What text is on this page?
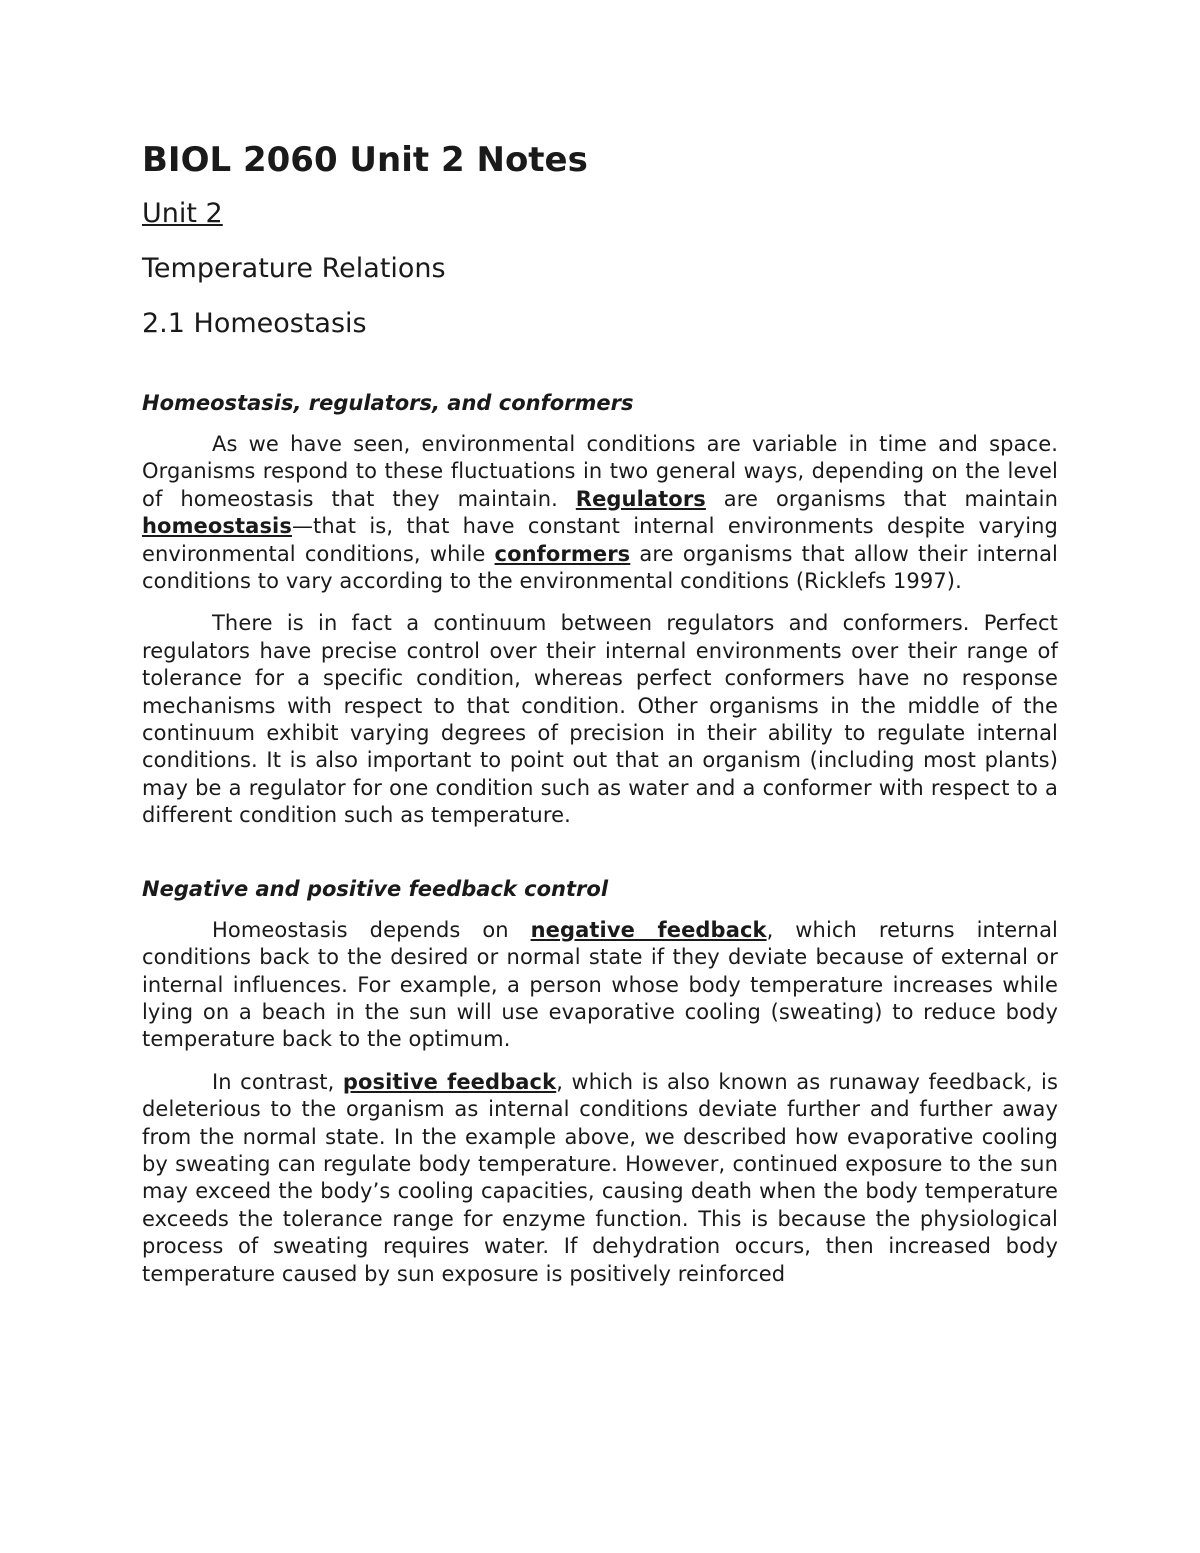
BIOL 2060 Unit 2 Notes
Unit 2
Temperature Relations
2.1 Homeostasis
Homeostasis, regulators, and conformers

As we have seen, environmental conditions are variable in time and space. Organisms respond to these fluctuations in two general ways, depending on the level of homeostasis that they maintain. Regulators are organisms that maintain homeostasis—that is, that have constant internal environments despite varying environmental conditions, while conformers are organisms that allow their internal conditions to vary according to the environmental conditions (Ricklefs 1997).

There is in fact a continuum between regulators and conformers. Perfect regulators have precise control over their internal environments over their range of tolerance for a specific condition, whereas perfect conformers have no response mechanisms with respect to that condition. Other organisms in the middle of the continuum exhibit varying degrees of precision in their ability to regulate internal conditions. It is also important to point out that an organism (including most plants) may be a regulator for one condition such as water and a conformer with respect to a different condition such as temperature.

Negative and positive feedback control

Homeostasis depends on negative feedback, which returns internal conditions back to the desired or normal state if they deviate because of external or internal influences. For example, a person whose body temperature increases while lying on a beach in the sun will use evaporative cooling (sweating) to reduce body temperature back to the optimum.

In contrast, positive feedback, which is also known as runaway feedback, is deleterious to the organism as internal conditions deviate further and further away from the normal state. In the example above, we described how evaporative cooling by sweating can regulate body temperature. However, continued exposure to the sun may exceed the body’s cooling capacities, causing death when the body temperature exceeds the tolerance range for enzyme function. This is because the physiological process of sweating requires water. If dehydration occurs, then increased body temperature caused by sun exposure is positively reinforced
